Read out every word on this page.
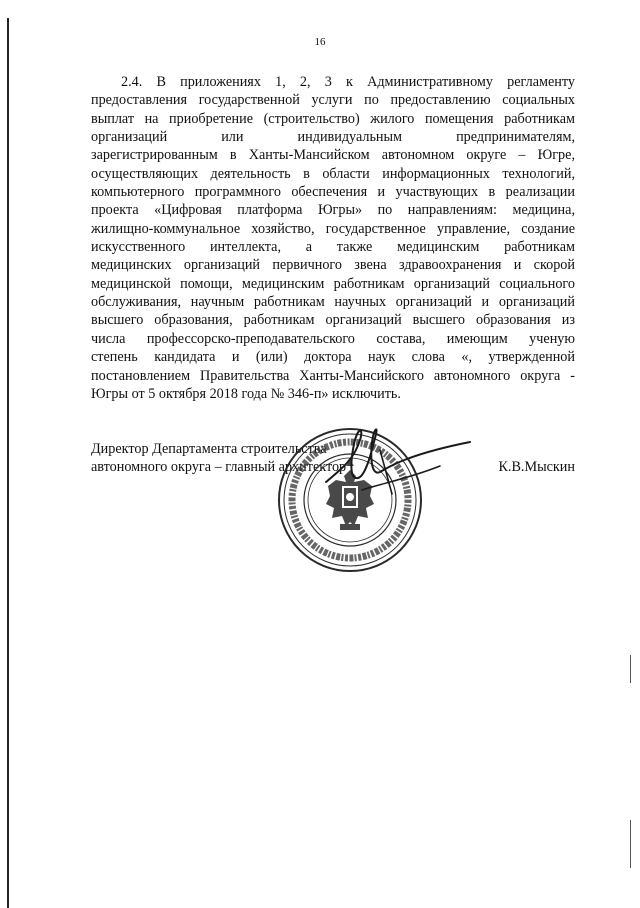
16
2.4. В приложениях 1, 2, 3 к Административному регламенту
предоставления государственной услуги по предоставлению социальных
выплат на приобретение (строительство) жилого помещения работникам
организаций или индивидуальным предпринимателям,
зарегистрированным в Ханты-Мансийском автономном округе – Югре,
осуществляющих деятельность в области информационных технологий,
компьютерного программного обеспечения и участвующих в реализации
проекта «Цифровая платформа Югры» по направлениям: медицина,
жилищно-коммунальное хозяйство, государственное управление, создание
искусственного интеллекта, а также медицинским работникам
медицинских организаций первичного звена здравоохранения и скорой
медицинской помощи, медицинским работникам организаций социального
обслуживания, научным работникам научных организаций и организаций
высшего образования, работникам организаций высшего образования из
числа профессорско-преподавательского состава, имеющим ученую
степень кандидата и (или) доктора наук слова «, утвержденной
постановлением Правительства Ханты-Мансийского автономного округа -
Югры от 5 октября 2018 года № 346-п» исключить.
Директор Департамента строительства
автономного округа – главный архитектор	К.В.Мыскин
